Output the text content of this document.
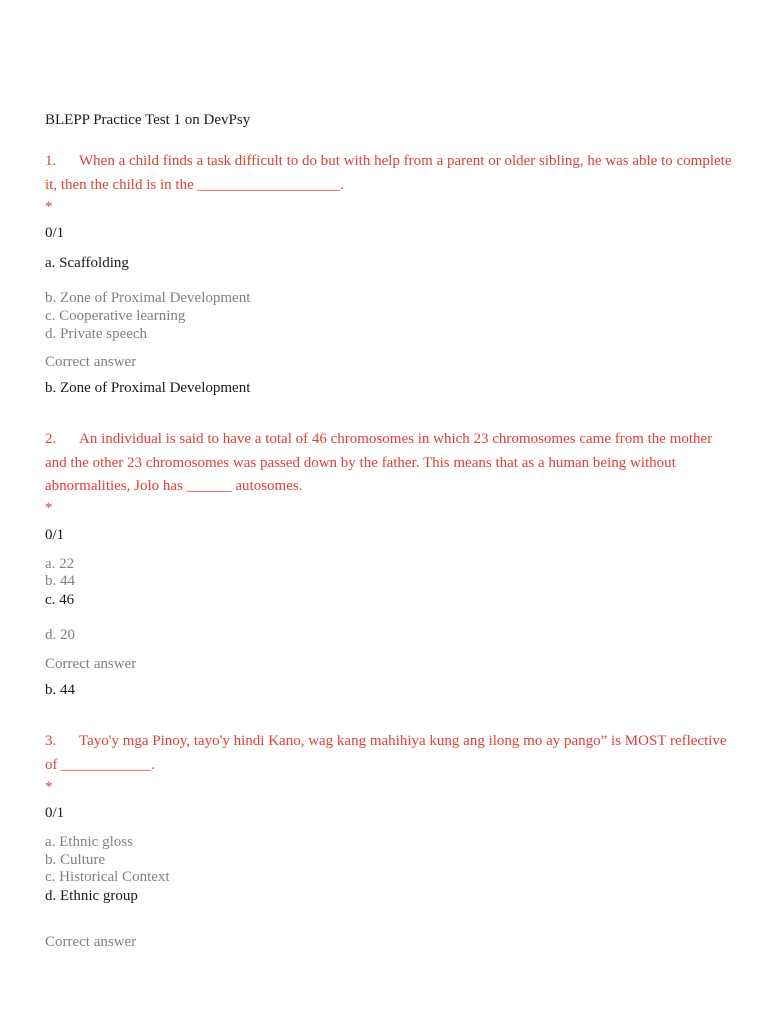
BLEPP Practice Test 1 on DevPsy
1. When a child finds a task difficult to do but with help from a parent or older sibling, he was able to complete it, then the child is in the ___________________.
*
0/1
a. Scaffolding
b. Zone of Proximal Development
c. Cooperative learning
d. Private speech
Correct answer
b. Zone of Proximal Development
2. An individual is said to have a total of 46 chromosomes in which 23 chromosomes came from the mother and the other 23 chromosomes was passed down by the father. This means that as a human being without abnormalities, Jolo has ______ autosomes.
*
0/1
a. 22
b. 44
c. 46
d. 20
Correct answer
b. 44
3. Tayo'y mga Pinoy, tayo'y hindi Kano, wag kang mahihiya kung ang ilong mo ay pango” is MOST reflective of ____________.
*
0/1
a. Ethnic gloss
b. Culture
c. Historical Context
d. Ethnic group
Correct answer
